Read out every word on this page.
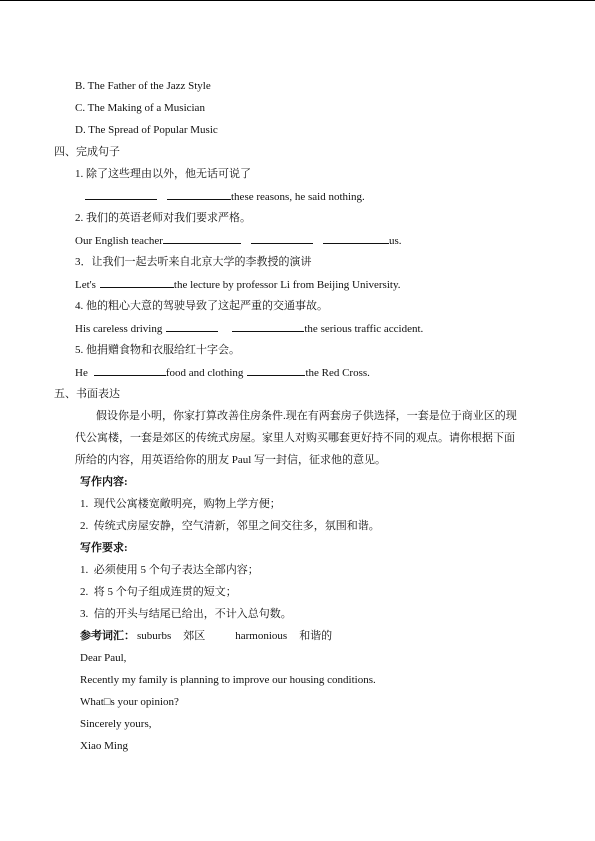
B. The Father of the Jazz Style
C. The Making of a Musician
D. The Spread of Popular Music
四、完成句子
1. 除了这些理由以外，他无话可说了
these reasons, he said nothing.
2. 我们的英语老师对我们要求严格。
Our English teacher	us.
3．让我们一起去听来自北京大学的李教授的演讲
Let's	the lecture by professor Li from Beijing University.
4. 他的粗心大意的驾驶导致了这起严重的交通事故。
His careless driving	the serious traffic accident.
5. 他捐赠食物和衣服给红十字会。
He	food and clothing	the Red Cross.
五、书面表达
假设你是小明，你家打算改善住房条件.现在有两套房子供选择，一套是位于商业区的现
代公寓楼，一套是郊区的传统式房屋。家里人对购买哪套更好持不同的观点。请你根据下面
所给的内容，用英语给你的朋友 Paul 写一封信，征求他的意见。
写作内容:
1.  现代公寓楼宽敞明亮，购物上学方便；
2.  传统式房屋安静，空气清新，邻里之间交往多，氛围和谐。
写作要求:
1.  必须使用 5 个句子表达全部内容；
2.  将 5 个句子组成连贯的短文；
3.  信的开头与结尾已给出，不计入总句数。
参考词汇： suburbs 郊区	harmonious 和谐的
Dear Paul,
Recently my family is planning to improve our housing conditions.
What□s your opinion?
Sincerely yours,
Xiao Ming
